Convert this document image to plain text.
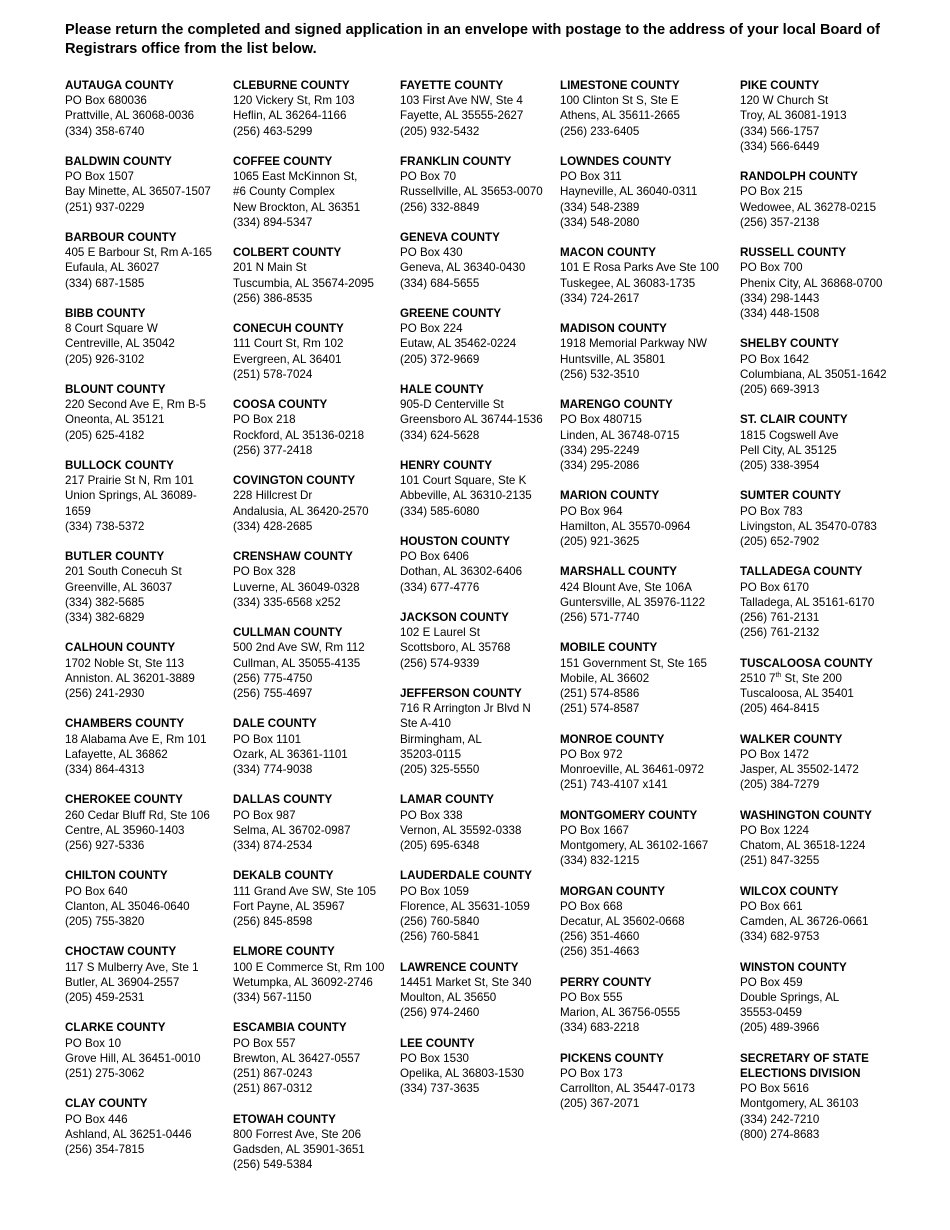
Please return the completed and signed application in an envelope with postage to the address of your local Board of Registrars office from the list below.
AUTAUGA COUNTY
PO Box 680036
Prattville, AL 36068-0036
(334) 358-6740
BALDWIN COUNTY
PO Box 1507
Bay Minette, AL 36507-1507
(251) 937-0229
BARBOUR COUNTY
405 E Barbour St, Rm A-165
Eufaula, AL 36027
(334) 687-1585
BIBB COUNTY
8 Court Square W
Centreville, AL 35042
(205) 926-3102
BLOUNT COUNTY
220 Second Ave E, Rm B-5
Oneonta, AL 35121
(205) 625-4182
BULLOCK COUNTY
217 Prairie St N, Rm 101
Union Springs, AL 36089-
1659
(334) 738-5372
BUTLER COUNTY
201 South Conecuh St
Greenville, AL 36037
(334) 382-5685
(334) 382-6829
CALHOUN COUNTY
1702 Noble St, Ste 113
Anniston. AL 36201-3889
(256) 241-2930
CHAMBERS COUNTY
18 Alabama Ave E, Rm 101
Lafayette, AL 36862
(334) 864-4313
CHEROKEE COUNTY
260 Cedar Bluff Rd, Ste 106
Centre, AL 35960-1403
(256) 927-5336
CHILTON COUNTY
PO Box 640
Clanton, AL 35046-0640
(205) 755-3820
CHOCTAW COUNTY
117 S Mulberry Ave, Ste 1
Butler, AL 36904-2557
(205) 459-2531
CLARKE COUNTY
PO Box 10
Grove Hill, AL 36451-0010
(251) 275-3062
CLAY COUNTY
PO Box 446
Ashland, AL 36251-0446
(256) 354-7815
CLEBURNE COUNTY
120 Vickery St, Rm 103
Heflin, AL 36264-1166
(256) 463-5299
COFFEE COUNTY
1065 East McKinnon St,
#6 County Complex
New Brockton, AL 36351
(334) 894-5347
COLBERT COUNTY
201 N Main St
Tuscumbia, AL 35674-2095
(256) 386-8535
CONECUH COUNTY
111 Court St, Rm 102
Evergreen, AL 36401
(251) 578-7024
COOSA COUNTY
PO Box 218
Rockford, AL 35136-0218
(256) 377-2418
COVINGTON COUNTY
228 Hillcrest Dr
Andalusia, AL 36420-2570
(334) 428-2685
CRENSHAW COUNTY
PO Box 328
Luverne, AL 36049-0328
(334) 335-6568 x252
CULLMAN COUNTY
500 2nd Ave SW, Rm 112
Cullman, AL 35055-4135
(256) 775-4750
(256) 755-4697
DALE COUNTY
PO Box 1101
Ozark, AL 36361-1101
(334) 774-9038
DALLAS COUNTY
PO Box 987
Selma, AL 36702-0987
(334) 874-2534
DEKALB COUNTY
111 Grand Ave SW, Ste 105
Fort Payne, AL 35967
(256) 845-8598
ELMORE COUNTY
100 E Commerce St, Rm 100
Wetumpka, AL 36092-2746
(334) 567-1150
ESCAMBIA COUNTY
PO Box 557
Brewton, AL 36427-0557
(251) 867-0243
(251) 867-0312
ETOWAH COUNTY
800 Forrest Ave, Ste 206
Gadsden, AL 35901-3651
(256) 549-5384
FAYETTE COUNTY
103 First Ave NW, Ste 4
Fayette, AL 35555-2627
(205) 932-5432
FRANKLIN COUNTY
PO Box 70
Russellville, AL 35653-0070
(256) 332-8849
GENEVA COUNTY
PO Box 430
Geneva, AL 36340-0430
(334) 684-5655
GREENE COUNTY
PO Box 224
Eutaw, AL 35462-0224
(205) 372-9669
HALE COUNTY
905-D Centerville St
Greensboro AL 36744-1536
(334) 624-5628
HENRY COUNTY
101 Court Square, Ste K
Abbeville, AL 36310-2135
(334) 585-6080
HOUSTON COUNTY
PO Box 6406
Dothan, AL 36302-6406
(334) 677-4776
JACKSON COUNTY
102 E Laurel St
Scottsboro, AL 35768
(256) 574-9339
JEFFERSON COUNTY
716 R Arrington Jr Blvd N
Ste A-410
Birmingham, AL
35203-0115
(205) 325-5550
LAMAR COUNTY
PO Box 338
Vernon, AL 35592-0338
(205) 695-6348
LAUDERDALE COUNTY
PO Box 1059
Florence, AL 35631-1059
(256) 760-5840
(256) 760-5841
LAWRENCE COUNTY
14451 Market St, Ste 340
Moulton, AL 35650
(256) 974-2460
LEE COUNTY
PO Box 1530
Opelika, AL 36803-1530
(334) 737-3635
LIMESTONE COUNTY
100 Clinton St S, Ste E
Athens, AL 35611-2665
(256) 233-6405
LOWNDES COUNTY
PO Box 311
Hayneville, AL 36040-0311
(334) 548-2389
(334) 548-2080
MACON COUNTY
101 E Rosa Parks Ave Ste 100
Tuskegee, AL 36083-1735
(334) 724-2617
MADISON COUNTY
1918 Memorial Parkway NW
Huntsville, AL 35801
(256) 532-3510
MARENGO COUNTY
PO Box 480715
Linden, AL 36748-0715
(334) 295-2249
(334) 295-2086
MARION COUNTY
PO Box 964
Hamilton, AL 35570-0964
(205) 921-3625
MARSHALL COUNTY
424 Blount Ave, Ste 106A
Guntersville, AL 35976-1122
(256) 571-7740
MOBILE COUNTY
151 Government St, Ste 165
Mobile, AL 36602
(251) 574-8586
(251) 574-8587
MONROE COUNTY
PO Box 972
Monroeville, AL 36461-0972
(251) 743-4107 x141
MONTGOMERY COUNTY
PO Box 1667
Montgomery, AL 36102-1667
(334) 832-1215
MORGAN COUNTY
PO Box 668
Decatur, AL 35602-0668
(256) 351-4660
(256) 351-4663
PERRY COUNTY
PO Box 555
Marion, AL 36756-0555
(334) 683-2218
PICKENS COUNTY
PO Box 173
Carrollton, AL 35447-0173
(205) 367-2071
PIKE COUNTY
120 W Church St
Troy, AL 36081-1913
(334) 566-1757
(334) 566-6449
RANDOLPH COUNTY
PO Box 215
Wedowee, AL 36278-0215
(256) 357-2138
RUSSELL COUNTY
PO Box 700
Phenix City, AL 36868-0700
(334) 298-1443
(334) 448-1508
SHELBY COUNTY
PO Box 1642
Columbiana, AL 35051-1642
(205) 669-3913
ST. CLAIR COUNTY
1815 Cogswell Ave
Pell City, AL 35125
(205) 338-3954
SUMTER COUNTY
PO Box 783
Livingston, AL 35470-0783
(205) 652-7902
TALLADEGA COUNTY
PO Box 6170
Talladega, AL 35161-6170
(256) 761-2131
(256) 761-2132
TUSCALOOSA COUNTY
2510 7th St, Ste 200
Tuscaloosa, AL 35401
(205) 464-8415
WALKER COUNTY
PO Box 1472
Jasper, AL 35502-1472
(205) 384-7279
WASHINGTON COUNTY
PO Box 1224
Chatom, AL 36518-1224
(251) 847-3255
WILCOX COUNTY
PO Box 661
Camden, AL 36726-0661
(334) 682-9753
WINSTON COUNTY
PO Box 459
Double Springs, AL
35553-0459
(205) 489-3966
SECRETARY OF STATE
ELECTIONS DIVISION
PO Box 5616
Montgomery, AL 36103
(334) 242-7210
(800) 274-8683
